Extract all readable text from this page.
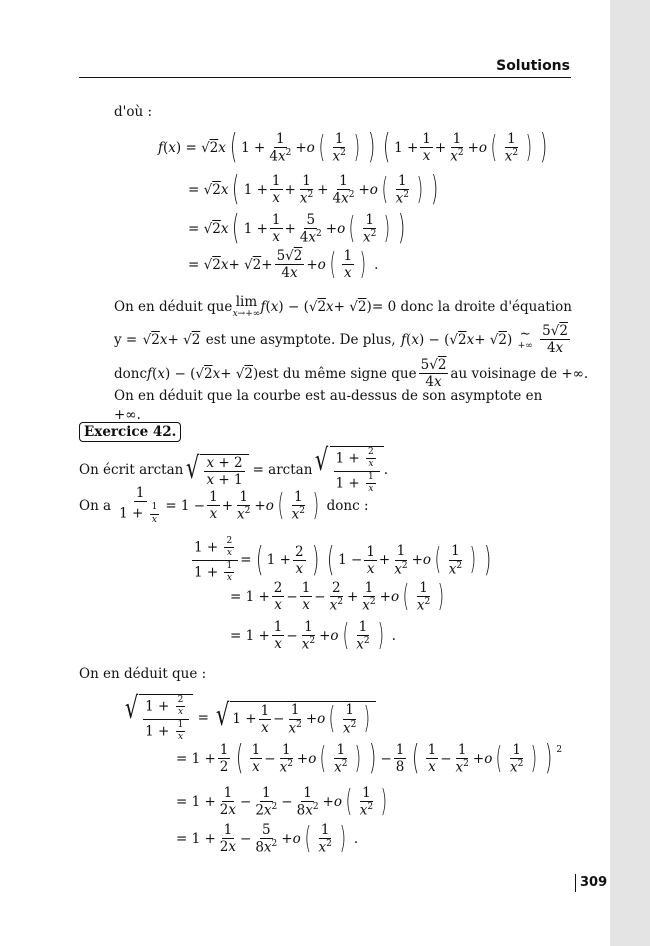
Solutions
d'où :
f ( x ) = √ 2 x ( $1 + \frac{1}{4x^2} + o$ ( $\frac{1}{x^2}$ ) ) ( $1 + \frac{1}{x} + \frac{1}{x^2} + o$ ( $\frac{1}{x^2}$ ) )
= √ 2 x ( $1 + \frac{1}{x} + \frac{1}{x^2} + \frac{1}{4x^2} + o$ ( $\frac{1}{x^2}$ ) )
= √ 2 x ( $1 + \frac{1}{x} + \frac{5}{4x^2} + o$ ( $\frac{1}{x^2}$ ) )
= √ 2 x + √ $2 + \frac{5√2}{4x} + o$ ( $\frac{1}{x}$ ) .
On en déduit que lim
x→+∞ f ( x ) − (√ 2 x + √ 2 ) = 0 donc la droite d'équation
y = √ 2 x + √ 2 est une asymptote. De plus, f ( x ) − (√ 2 x + √ 2 ) ∼
+∞ $\frac{5√2}{4x}$
donc f ( x ) − (√ 2 x + √ 2 ) est du même signe que $\frac{5√2}{4x}$ au voisinage de +∞.
On en déduit que la courbe est au-dessus de son asymptote en +∞.
Exercice 42.
On écrit arctan √ $\frac{x + 2}{x + 1} = \arctan$ √ $\frac{1 + \frac{2}{x}}{1 + \frac{1}{x}}$ .
On a $\frac{1}{1 + \frac{1}{x}} = 1 - \frac{1}{x} + \frac{1}{x^2} + o$ ( $\frac{1}{x^2}$ ) donc :
$\frac{1 + \frac{2}{x}}{1 + \frac{1}{x}}$ = ( $1 + \frac{2}{x}$ ) ( $1 - \frac{1}{x} + \frac{1}{x^2} + o$ ( $\frac{1}{x^2}$ ) )
= $1 + \frac{2}{x} - \frac{1}{x} - \frac{2}{x^2} + \frac{1}{x^2} + o$ ( $\frac{1}{x^2}$ )
= $1 + \frac{1}{x} - \frac{1}{x^2} + o$ ( $\frac{1}{x^2}$ ) .
On en déduit que :
√ $\frac{1 + \frac{2}{x}}{1 + \frac{1}{x}}$ = √ $1 + \frac{1}{x} - \frac{1}{x^2} + o$ ( $\frac{1}{x^2}$ )
= $1 + \frac{1}{2}$ ( $\frac{1}{x} - \frac{1}{x^2} + o$ ( $\frac{1}{x^2}$ ) ) − $\frac{1}{8}$ ( $\frac{1}{x} - \frac{1}{x^2} + o$ ( $\frac{1}{x^2}$ ) ) $^2$
= $1 + \frac{1}{2x} - \frac{1}{2x^2} - \frac{1}{8x^2} + o$ ( $\frac{1}{x^2}$ )
= $1 + \frac{1}{2x} - \frac{5}{8x^2} + o$ ( $\frac{1}{x^2}$ ) .
309
